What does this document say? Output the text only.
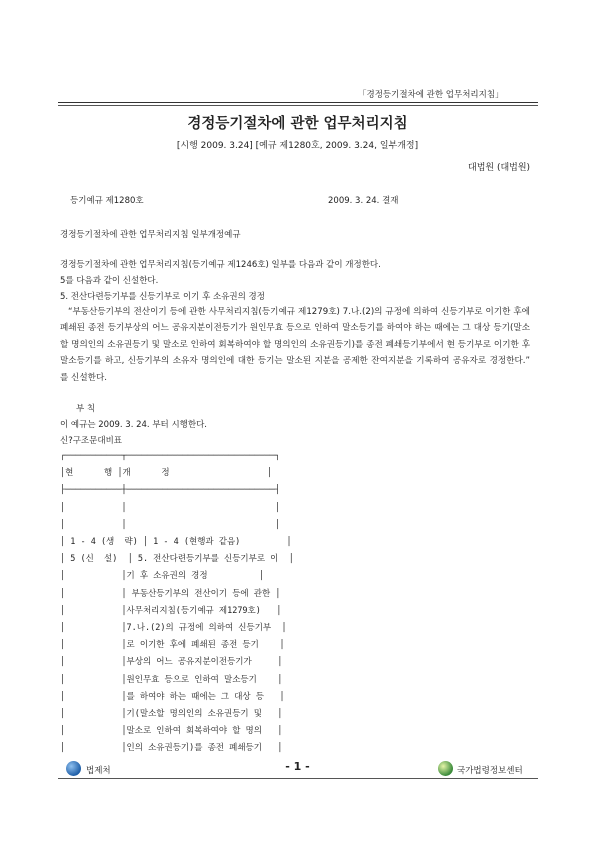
「경정등기절차에 관한 업무처리지침」
경정등기절차에 관한 업무처리지침
[시행 2009. 3.24] [예규 제1280호, 2009. 3.24, 일부개정]
대법원 (대법원)
등기예규 제1280호	2009. 3. 24. 결재
경정등기절차에 관한 업무처리지침 일부개정예규
경정등기절차에 관한 업무처리지침(등기예규 제1246호) 일부를 다음과 같이 개정한다.
5를 다음과 같이 신설한다.
5. 전산다련등기부를 신등기부로 이기 후 소유권의 경정
“부동산등기부의 전산이기 등에 관한 사무처리지침(등기예규 제1279호) 7.나.(2)의 규정에 의하여 신등기부로 이기한 후에 폐쇄된 종전 등기부상의 어느 공유지분이전등기가 원인무효 등으로 인하여 말소등기를 하여야 하는 때에는 그 대상 등기(말소할 명의인의 소유권등기 및 말소로 인하여 회복하여야 할 명의인의 소유권등기)를 종전 폐쇄등기부에서 현 등기부로 이기한 후 말소등기를 하고, 신등기부의 소유자 명의인에 대한 등기는 말소된 지분을 공제한 잔여지분을 기록하여 공유자로 경정한다.” 를 신설한다.
부 칙
이 예규는 2009. 3. 24. 부터 시행한다.
신?구조문대비표
┌───────────┬─────────────────────────────┐
│현      행 │개      정                   │
├───────────┼─────────────────────────────┤
│           │                             │
│           │                             │
│ 1 - 4 (생  략) │ 1 - 4 (현행과 같음)         │
│ 5 (신  설)  │ 5. 전산다련등기부를 신등기부로 이  │
│           │기 후 소유권의 경정          │
│           │ 부동산등기부의 전산이기 등에 관한 │
│           │사무처리지침(등기예규 제1279호)   │
│           │7.나.(2)의 규정에 의하여 신등기부  │
│           │로 이기한 후에 폐쇄된 종전 등기    │
│           │부상의 어느 공유지분이전등기가     │
│           │원인무효 등으로 인하여 말소등기    │
│           │를 하여야 하는 때에는 그 대상 등   │
│           │기(말소할 명의인의 소유권등기 및   │
│           │말소로 인하여 회복하여야 할 명의   │
│           │인의 소유권등기)를 종전 폐쇄등기   │
법제처	- 1 -	국가법령정보센터
